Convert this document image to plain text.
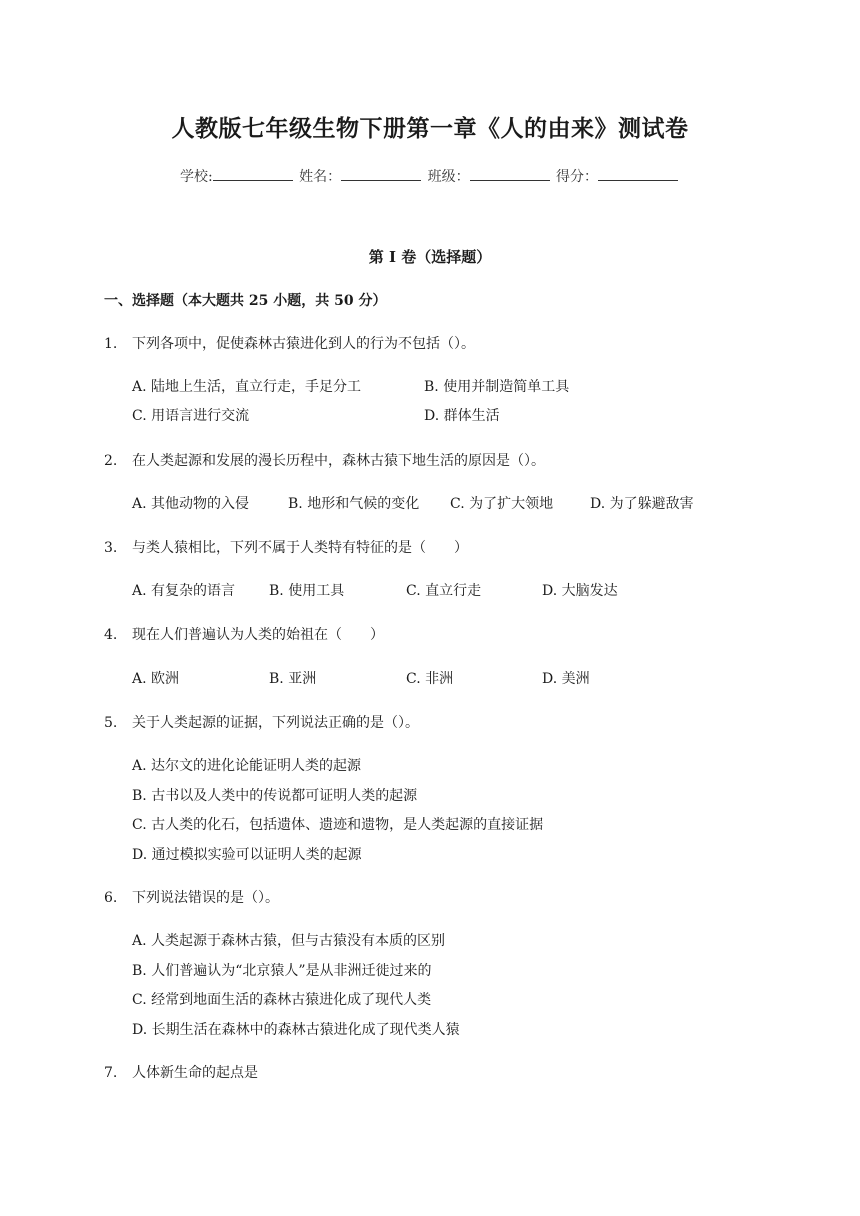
人教版七年级生物下册第一章《人的由来》测试卷
学校:	姓名：	班级：	得分：
第 I 卷（选择题）
一、选择题（本大题共 25 小题，共 50 分）
1. 下列各项中，促使森林古猿进化到人的行为不包括（）。
A. 陆地上生活，直立行走，手足分工	B. 使用并制造简单工具
C. 用语言进行交流	D. 群体生活
2. 在人类起源和发展的漫长历程中，森林古猿下地生活的原因是（）。
A. 其他动物的入侵	B. 地形和气候的变化 C. 为了扩大领地	D. 为了躲避敌害
3. 与类人猿相比，下列不属于人类特有特征的是（　　）
A. 有复杂的语言 B. 使用工具	C. 直立行走	D. 大脑发达
4. 现在人们普遍认为人类的始祖在（　　）
A. 欧洲	B. 亚洲	C. 非洲	D. 美洲
5. 关于人类起源的证据，下列说法正确的是（）。
A. 达尔文的进化论能证明人类的起源
B. 古书以及人类中的传说都可证明人类的起源
C. 古人类的化石，包括遗体、遗迹和遗物，是人类起源的直接证据
D. 通过模拟实验可以证明人类的起源
6. 下列说法错误的是（）。
A. 人类起源于森林古猿，但与古猿没有本质的区别
B. 人们普遍认为“北京猿人”是从非洲迁徙过来的
C. 经常到地面生活的森林古猿进化成了现代人类
D. 长期生活在森林中的森林古猿进化成了现代类人猿
7. 人体新生命的起点是
